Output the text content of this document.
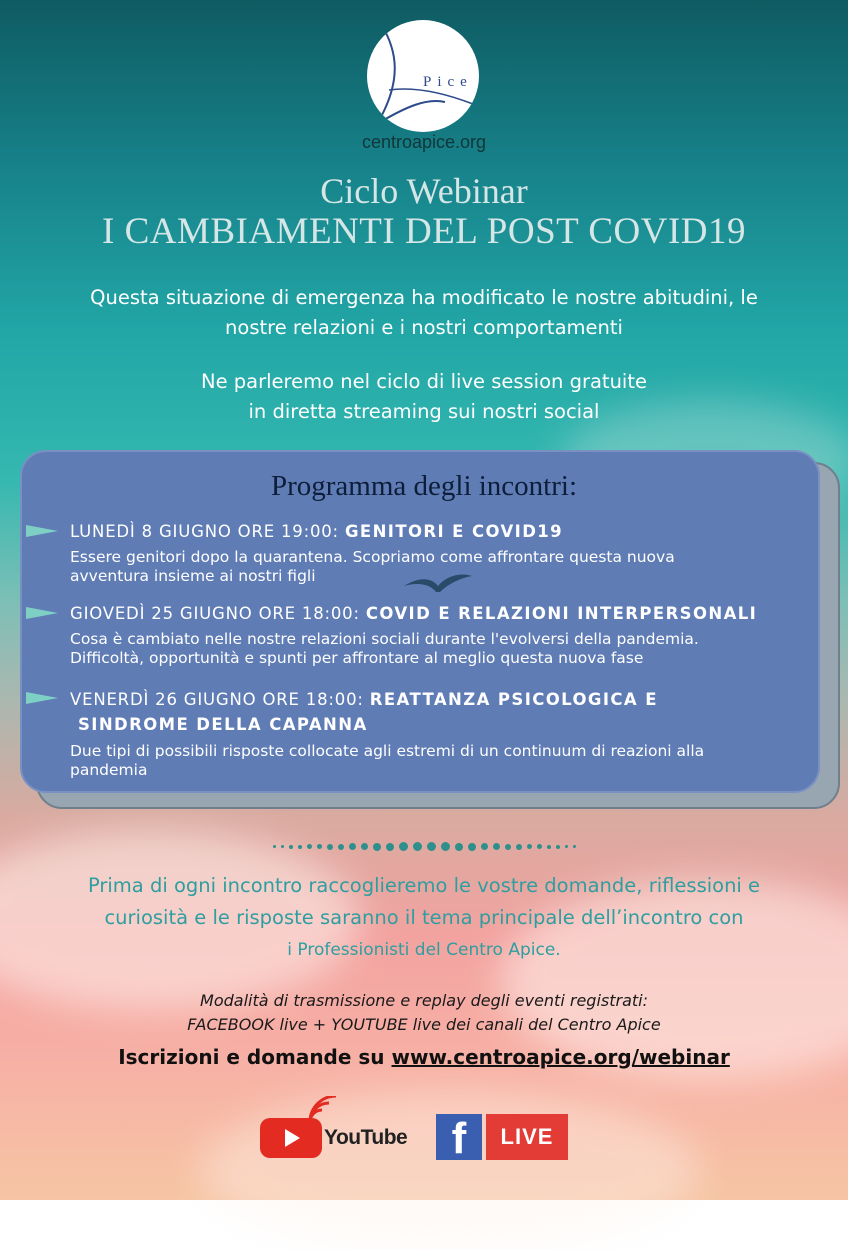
Pice
centroapice.org
Ciclo Webinar
I CAMBIAMENTI DEL POST COVID19
Questa situazione di emergenza ha modificato le nostre abitudini, le
nostre relazioni e i nostri comportamenti
Ne parleremo nel ciclo di live session gratuite
in diretta streaming sui nostri social
Programma degli incontri:
LUNEDÌ 8 GIUGNO ORE 19:00: GENITORI E COVID19
Essere genitori dopo la quarantena. Scopriamo come affrontare questa nuova
avventura insieme ai nostri figli
GIOVEDÌ 25 GIUGNO ORE 18:00: COVID E RELAZIONI INTERPERSONALI
Cosa è cambiato nelle nostre relazioni sociali durante l'evolversi della pandemia.
Difficoltà, opportunità e spunti per affrontare al meglio questa nuova fase
VENERDÌ 26 GIUGNO ORE 18:00: REATTANZA PSICOLOGICA E
SINDROME DELLA CAPANNA
Due tipi di possibili risposte collocate agli estremi di un continuum di reazioni alla
pandemia
Prima di ogni incontro raccoglieremo le vostre domande, riflessioni e
curiosità e le risposte saranno il tema principale dell’incontro con
i Professionisti del Centro Apice.
Modalità di trasmissione e replay degli eventi registrati:
FACEBOOK live + YOUTUBE live dei canali del Centro Apice
Iscrizioni e domande su www.centroapice.org/webinar
YouTube	f	LIVE
